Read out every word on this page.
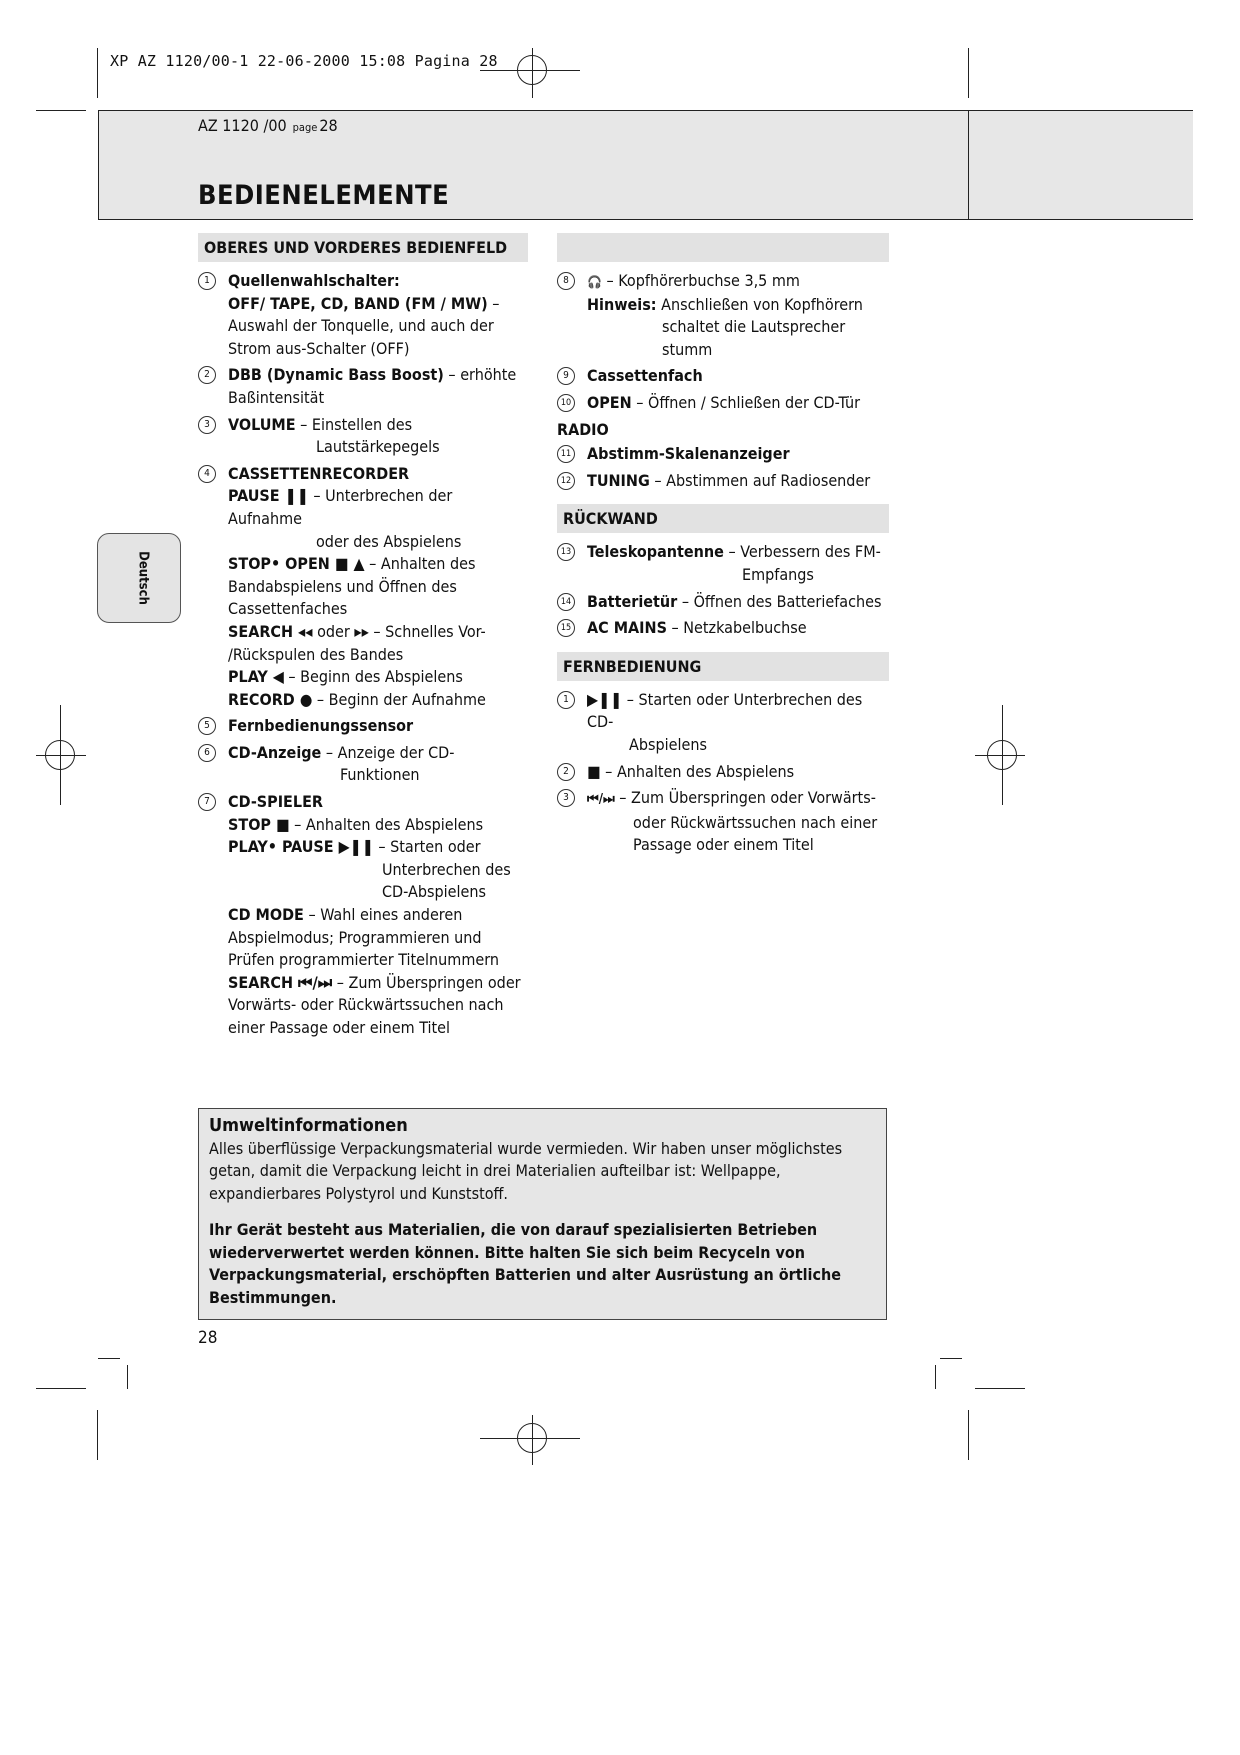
XP AZ 1120/00-1 22-06-2000 15:08 Pagina 28
AZ 1120 /00 page 28
BEDIENELEMENTE
Deutsch
OBERES UND VORDERES BEDIENFELD
1	Quellenwahlschalter:
OFF/ TAPE, CD, BAND (FM / MW) – Auswahl der Tonquelle, und auch der Strom aus-Schalter (OFF)
2	DBB (Dynamic Bass Boost) – erhöhte Baßintensität
3	VOLUME – Einstellen des
Lautstärkepegels
4	CASSETTENRECORDER
PAUSE ❚❚ – Unterbrechen der Aufnahme
oder des Abspielens
STOP• OPEN ■ ▲ – Anhalten des Bandabspielens und Öffnen des Cassettenfaches
SEARCH ◂◂ oder ▸▸ – Schnelles Vor- /Rückspulen des Bandes
PLAY ◀ – Beginn des Abspielens
RECORD ● – Beginn der Aufnahme
5	Fernbedienungssensor
6	CD-Anzeige – Anzeige der CD-
Funktionen
7	CD-SPIELER
STOP ■ – Anhalten des Abspielens
PLAY• PAUSE ▶❚❚ – Starten oder
Unterbrechen des
CD-Abspielens
CD MODE – Wahl eines anderen Abspielmodus; Programmieren und Prüfen programmierter Titelnummern
SEARCH ⏮/⏭ – Zum Überspringen oder Vorwärts- oder Rückwärtssuchen nach einer Passage oder einem Titel
8	🎧 – Kopfhörerbuchse 3,5 mm
Hinweis: Anschließen von Kopfhörern
schaltet die Lautsprecher
stumm
9	Cassettenfach
10 OPEN – Öffnen / Schließen der CD-Tür
RADIO
11 Abstimm-Skalenanzeiger
12 TUNING – Abstimmen auf Radiosender
RÜCKWAND
13 Teleskopantenne – Verbessern des FM-
Empfangs
14 Batterietür – Öffnen des Batteriefaches
15 AC MAINS – Netzkabelbuchse
FERNBEDIENUNG
1	▶❚❚ – Starten oder Unterbrechen des CD-
Abspielens
2	■ – Anhalten des Abspielens
3	⏮/⏭ – Zum Überspringen oder Vorwärts-
oder Rückwärtssuchen nach einer
Passage oder einem Titel
Umweltinformationen

Alles überflüssige Verpackungsmaterial wurde vermieden. Wir haben unser möglichstes getan, damit die Verpackung leicht in drei Materialien aufteilbar ist: Wellpappe, expandierbares Polystyrol und Kunststoff.

Ihr Gerät besteht aus Materialien, die von darauf spezialisierten Betrieben wiederverwertet werden können. Bitte halten Sie sich beim Recyceln von Verpackungsmaterial, erschöpften Batterien und alter Ausrüstung an örtliche Bestimmungen.

28
